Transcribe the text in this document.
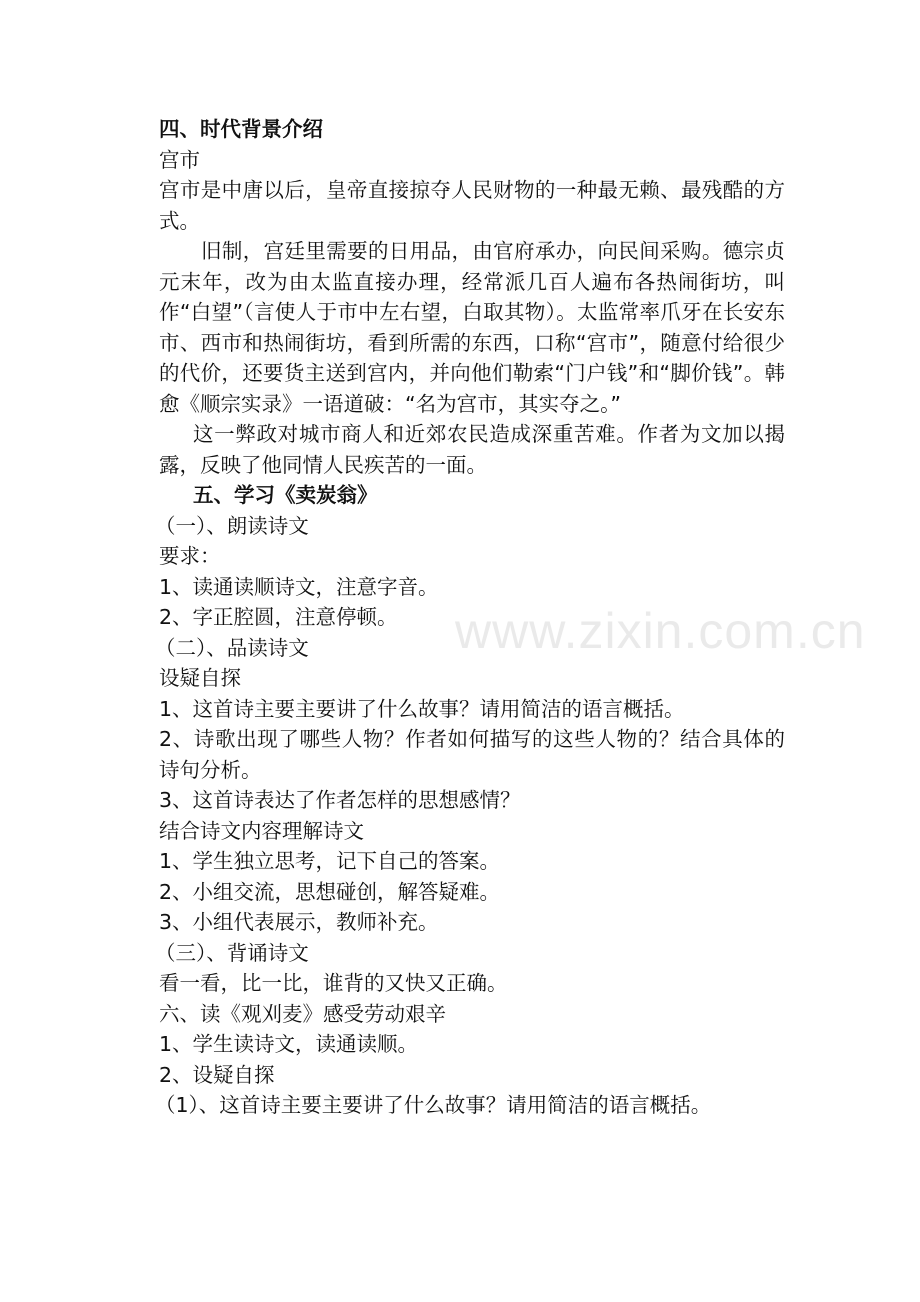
四、时代背景介绍
宫市
宫市是中唐以后，皇帝直接掠夺人民财物的一种最无赖、最残酷的方式。
旧制，宫廷里需要的日用品，由官府承办，向民间采购。德宗贞元末年，改为由太监直接办理，经常派几百人遍布各热闹街坊，叫作“白望”（言使人于市中左右望，白取其物）。太监常率爪牙在长安东市、西市和热闹街坊，看到所需的东西，口称“宫市”，随意付给很少的代价，还要货主送到宫内，并向他们勒索“门户钱”和“脚价钱”。韩愈《顺宗实录》一语道破：“名为宫市，其实夺之。”
这一弊政对城市商人和近郊农民造成深重苦难。作者为文加以揭露，反映了他同情人民疾苦的一面。
五、学习《卖炭翁》
（一）、朗读诗文
要求：
1、读通读顺诗文，注意字音。
2、字正腔圆，注意停顿。
（二）、品读诗文
设疑自探
1、这首诗主要主要讲了什么故事？请用简洁的语言概括。
2、诗歌出现了哪些人物？作者如何描写的这些人物的？结合具体的诗句分析。
3、这首诗表达了作者怎样的思想感情？
结合诗文内容理解诗文
1、学生独立思考，记下自己的答案。
2、小组交流，思想碰创，解答疑难。
3、小组代表展示，教师补充。
（三）、背诵诗文
看一看，比一比，谁背的又快又正确。
六、读《观刈麦》感受劳动艰辛
1、学生读诗文，读通读顺。
2、设疑自探
（1）、这首诗主要主要讲了什么故事？请用简洁的语言概括。
www.zixin.com.cn
